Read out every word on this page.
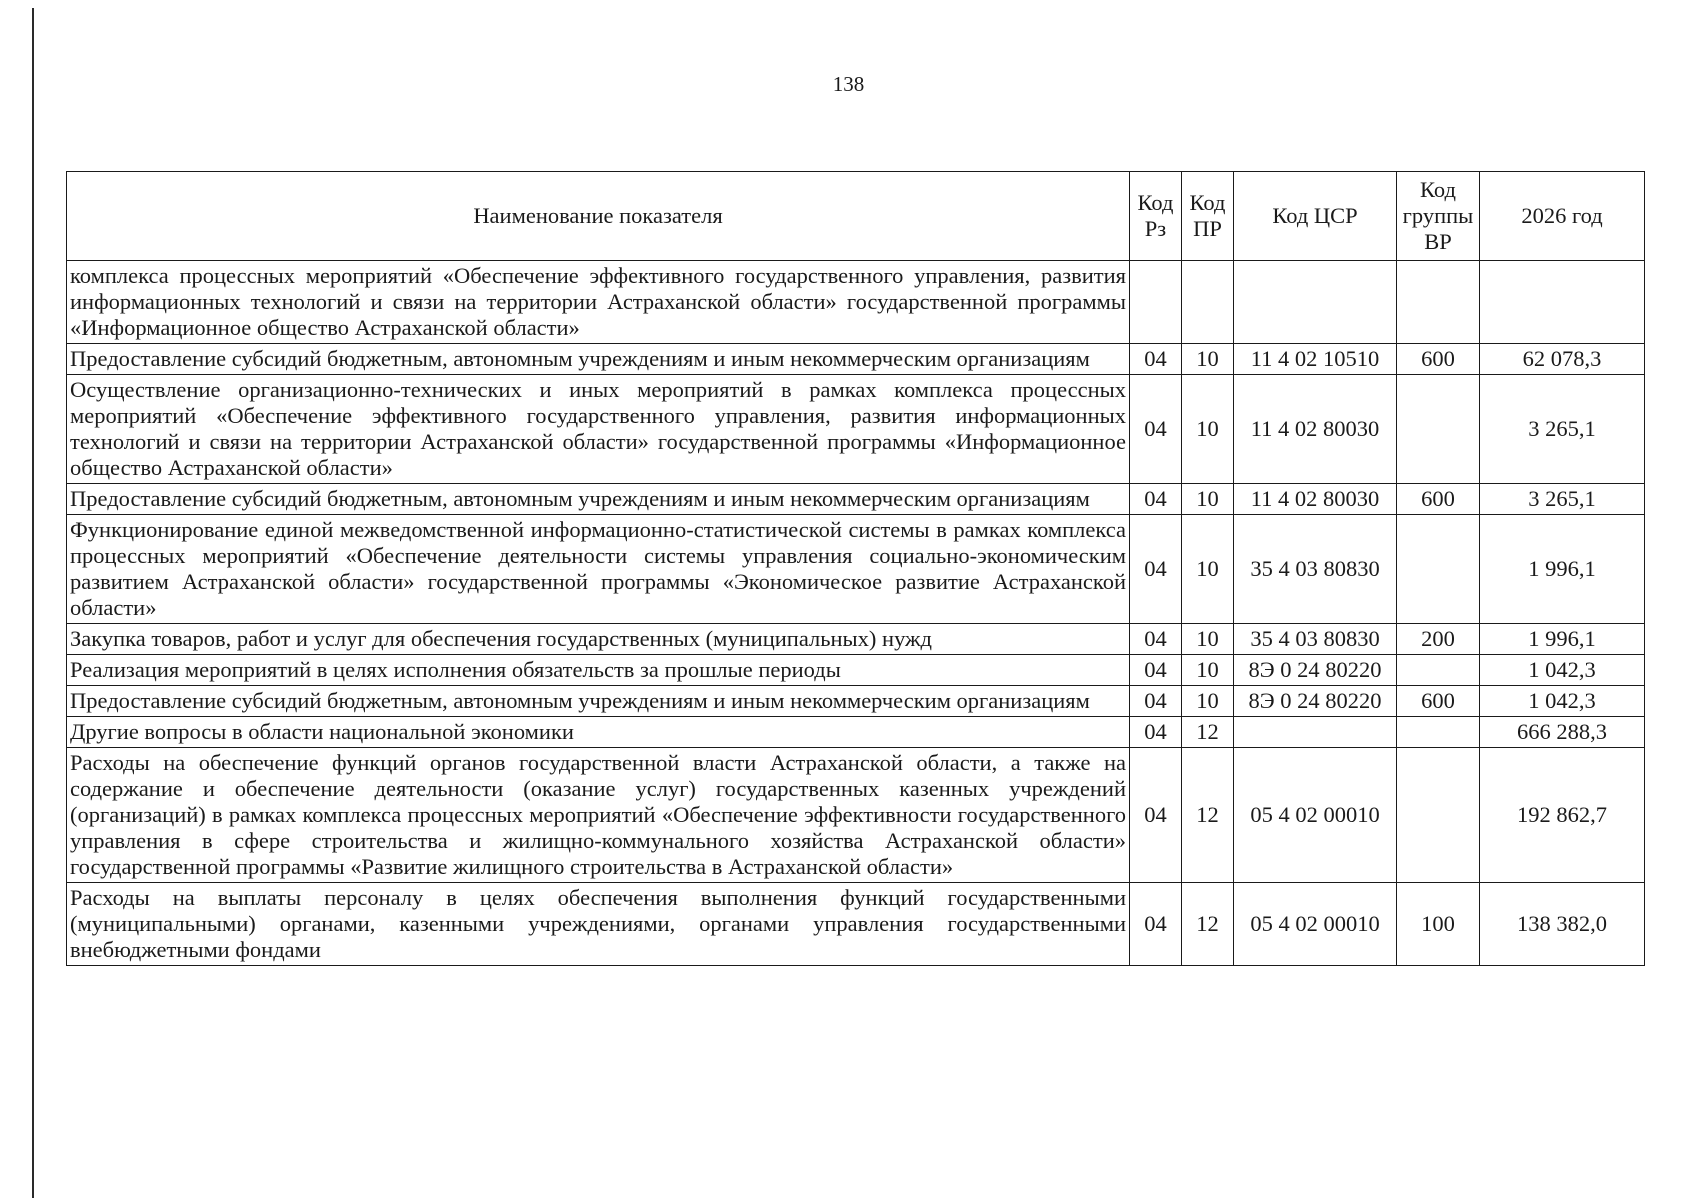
138
Наименование показателя	Код Рз	Код ПР	Код ЦСР	Код группы ВР	2026 год
комплекса процессных мероприятий «Обеспечение эффективного государственного управления, развития информационных технологий и связи на территории Астраханской области» государственной программы «Информационное общество Астраханской области»					
Предоставление субсидий бюджетным, автономным учреждениям и иным некоммерческим организациям	04	10	11 4 02 10510	600	62 078,3
Осуществление организационно-технических и иных мероприятий в рамках комплекса процессных мероприятий «Обеспечение эффективного государственного управления, развития информационных технологий и связи на территории Астраханской области» государственной программы «Информационное общество Астраханской области»	04	10	11 4 02 80030		3 265,1
Предоставление субсидий бюджетным, автономным учреждениям и иным некоммерческим организациям	04	10	11 4 02 80030	600	3 265,1
Функционирование единой межведомственной информационно-статистической системы в рамках комплекса процессных мероприятий «Обеспечение деятельности системы управления социально-экономическим развитием Астраханской области» государственной программы «Экономическое развитие Астраханской области»	04	10	35 4 03 80830		1 996,1
Закупка товаров, работ и услуг для обеспечения государственных (муниципальных) нужд	04	10	35 4 03 80830	200	1 996,1
Реализация мероприятий в целях исполнения обязательств за прошлые периоды	04	10	8Э 0 24 80220		1 042,3
Предоставление субсидий бюджетным, автономным учреждениям и иным некоммерческим организациям	04	10	8Э 0 24 80220	600	1 042,3
Другие вопросы в области национальной экономики	04	12			666 288,3
Расходы на обеспечение функций органов государственной власти Астраханской области, а также на содержание и обеспечение деятельности (оказание услуг) государственных казенных учреждений (организаций) в рамках комплекса процессных мероприятий «Обеспечение эффективности государственного управления в сфере строительства и жилищно-коммунального хозяйства Астраханской области» государственной программы «Развитие жилищного строительства в Астраханской области»	04	12	05 4 02 00010		192 862,7
Расходы на выплаты персоналу в целях обеспечения выполнения функций государственными (муниципальными) органами, казенными учреждениями, органами управления государственными внебюджетными фондами	04	12	05 4 02 00010	100	138 382,0
